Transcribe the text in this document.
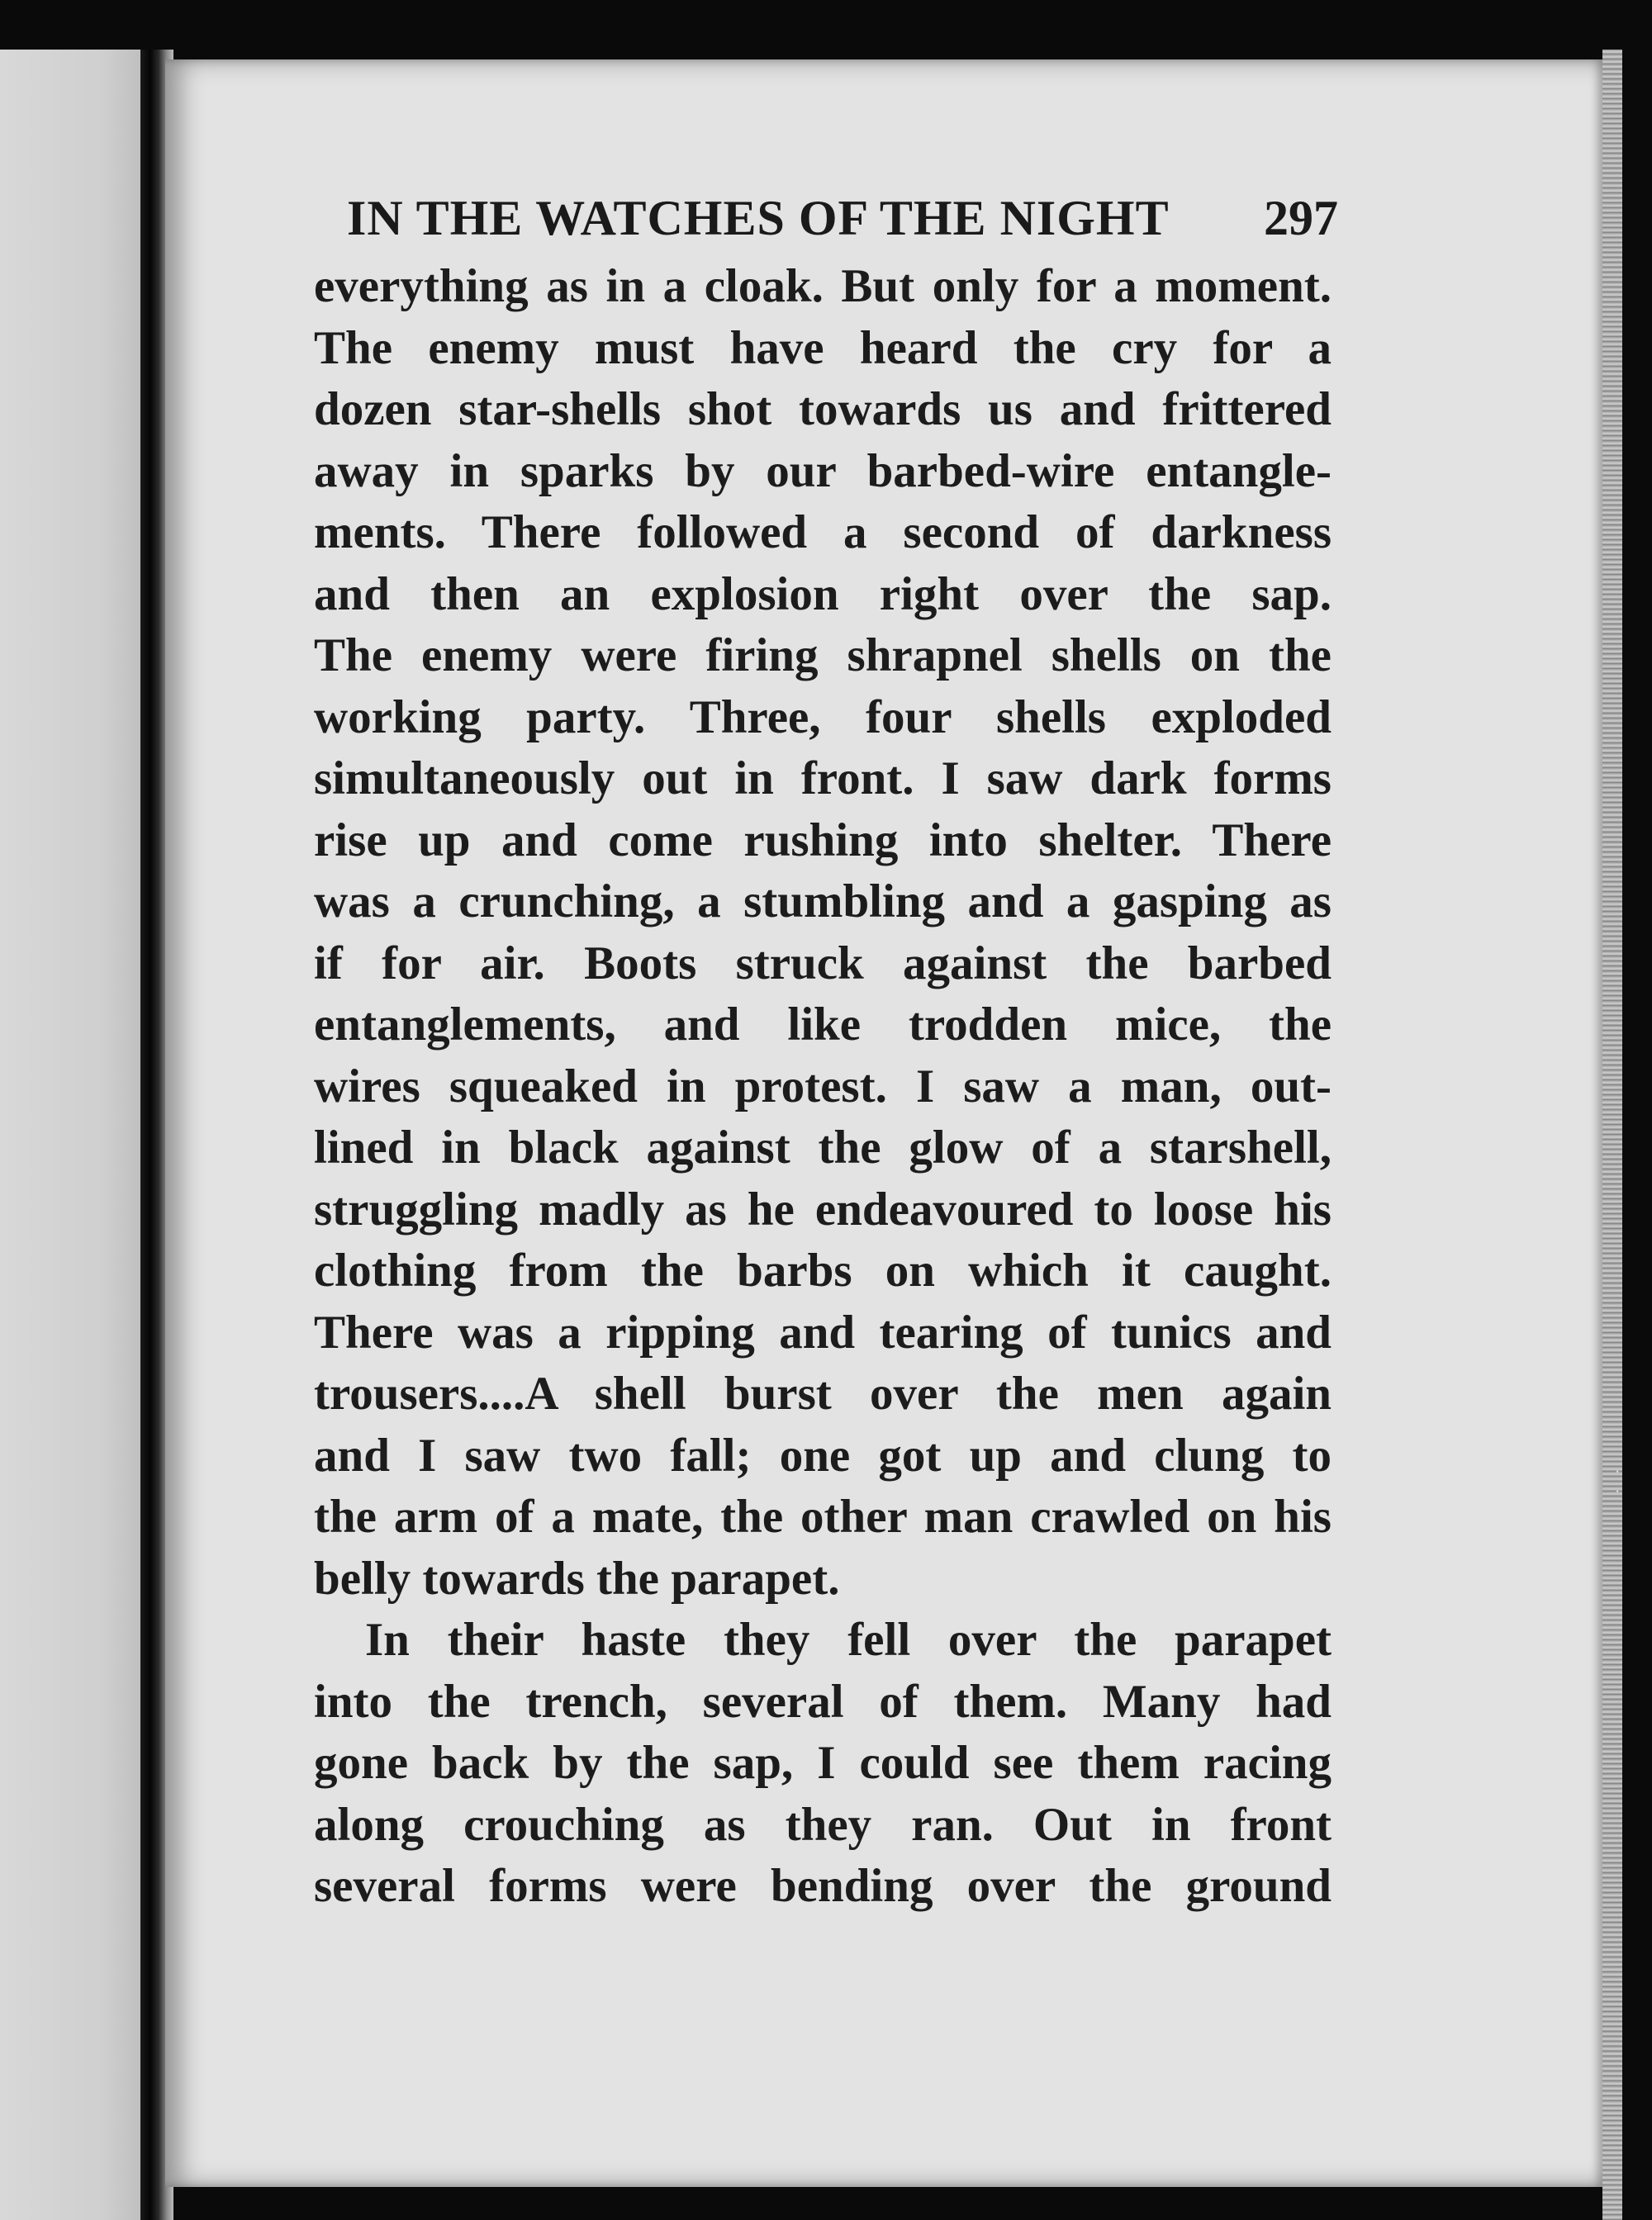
· ·
IN THE WATCHES OF THE NIGHT	297
everything as in a cloak. But only for a moment.
The enemy must have heard the cry for a
dozen star-shells shot towards us and frittered
away in sparks by our barbed-wire entangle-
ments. There followed a second of darkness
and then an explosion right over the sap.
The enemy were firing shrapnel shells on the
working party. Three, four shells exploded
simultaneously out in front. I saw dark forms
rise up and come rushing into shelter. There
was a crunching, a stumbling and a gasping as
if for air. Boots struck against the barbed
entanglements, and like trodden mice, the
wires squeaked in protest. I saw a man, out-
lined in black against the glow of a starshell,
struggling madly as he endeavoured to loose his
clothing from the barbs on which it caught.
There was a ripping and tearing of tunics and
trousers....A shell burst over the men again
and I saw two fall; one got up and clung to
the arm of a mate, the other man crawled on his
belly towards the parapet.
In their haste they fell over the parapet
into the trench, several of them. Many had
gone back by the sap, I could see them racing
along crouching as they ran. Out in front
several forms were bending over the ground
